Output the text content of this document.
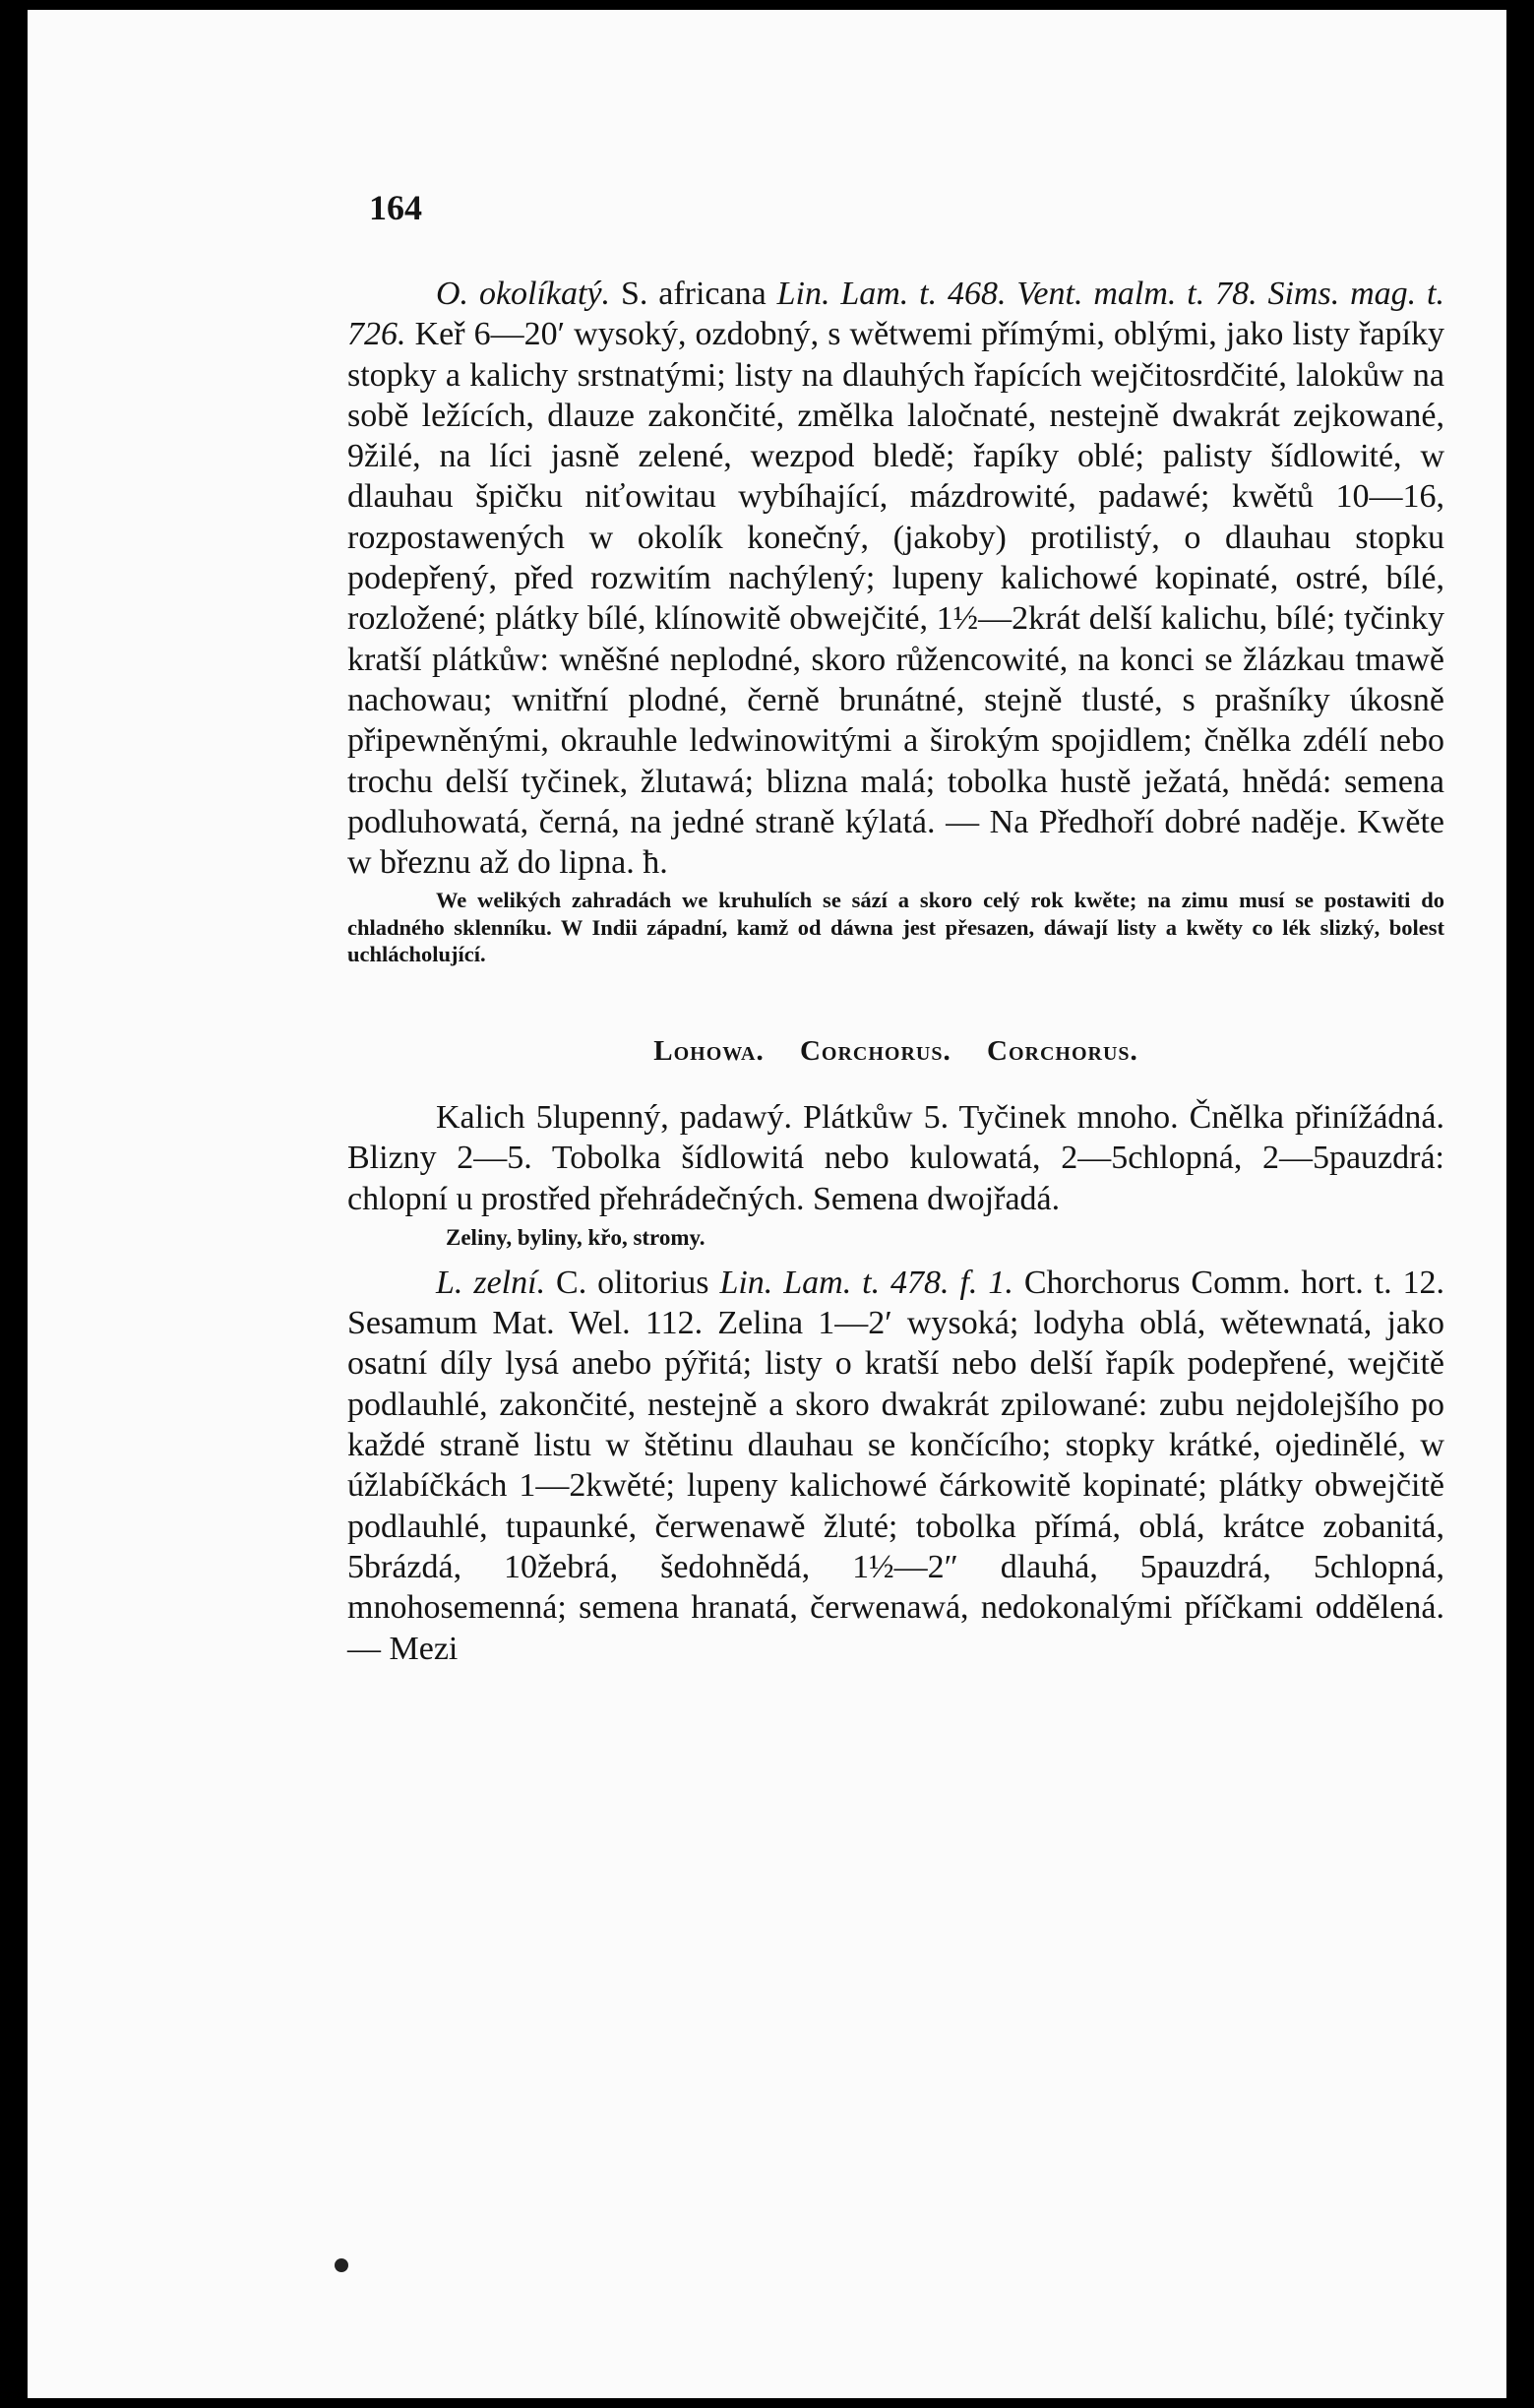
164

O. okolíkatý. S. africana Lin. Lam. t. 468. Vent. malm. t. 78. Sims. mag. t. 726. Keř 6—20′ wysoký, ozdobný, s wětwemi přímými, oblými, jako listy řapíky stopky a kalichy srstnatými; listy na dlauhých řapících wejčitosrdčité, lalokůw na sobě ležících, dlauze zakončité, změlka laločnaté, nestejně dwakrát zejkowané, 9žilé, na líci jasně zelené, wezpod bledě; řapíky oblé; palisty šídlowité, w dlauhau špičku niťowitau wybíhající, mázdrowité, padawé; kwětů 10—16, rozpostawených w okolík konečný, (jakoby) protilistý, o dlauhau stopku podepřený, před rozwitím nachýlený; lupeny kalichowé kopinaté, ostré, bílé, rozložené; plátky bílé, klínowitě obwejčité, 1½—2krát delší kalichu, bílé; tyčinky kratší plátkůw: wněšné neplodné, skoro růžencowité, na konci se žlázkau tmawě nachowau; wnitřní plodné, černě brunátné, stejně tlusté, s prašníky úkosně připewněnými, okrauhle ledwinowitými a širokým spojidlem; čnělka zdélí nebo trochu delší tyčinek, žlutawá; blizna malá; tobolka hustě ježatá, hnědá: semena podluhowatá, černá, na jedné straně kýlatá. — Na Předhoří dobré naděje. Kwěte w březnu až do lipna. ħ.

We welikých zahradách we kruhulích se sází a skoro celý rok kwěte; na zimu musí se postawiti do chladného sklenníku. W Indii západní, kamž od dáwna jest přesazen, dáwají listy a kwěty co lék slizký, bolest uchlácholující.

Lohowa. Corchorus. Corchorus.

Kalich 5lupenný, padawý. Plátkůw 5. Tyčinek mnoho. Čnělka přinížádná. Blizny 2—5. Tobolka šídlowitá nebo kulowatá, 2—5chlopná, 2—5pauzdrá: chlopní u prostřed přehrádečných. Semena dwojřadá.

Zeliny, byliny, křo, stromy.

L. zelní. C. olitorius Lin. Lam. t. 478. f. 1. Chorchorus Comm. hort. t. 12. Sesamum Mat. Wel. 112. Zelina 1—2′ wysoká; lodyha oblá, wětewnatá, jako osatní díly lysá anebo pýřitá; listy o kratší nebo delší řapík podepřené, wejčitě podlauhlé, zakončité, nestejně a skoro dwakrát zpilowané: zubu nejdolejšího po každé straně listu w štětinu dlauhau se končícího; stopky krátké, ojedinělé, w úžlabíčkách 1—2kwěté; lupeny kalichowé čárkowitě kopinaté; plátky obwejčitě podlauhlé, tupaunké, čerwenawě žluté; tobolka přímá, oblá, krátce zobanitá, 5brázdá, 10žebrá, šedohnědá, 1½—2″ dlauhá, 5pauzdrá, 5chlopná, mnohosemenná; semena hranatá, čerwenawá, nedokonalými příčkami oddělená. — Mezi
